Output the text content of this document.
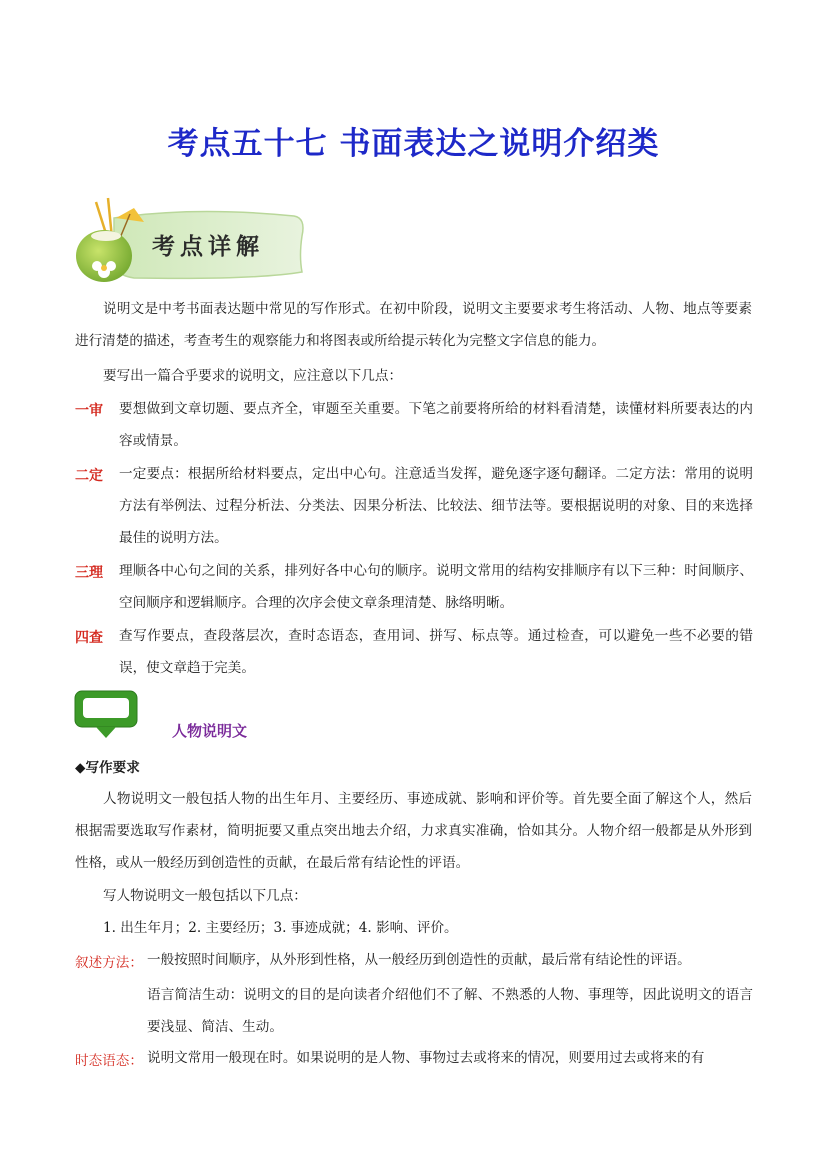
考点五十七 书面表达之说明介绍类
考点详解
说明文是中考书面表达题中常见的写作形式。在初中阶段，说明文主要要求考生将活动、人物、地点等要素进行清楚的描述，考查考生的观察能力和将图表或所给提示转化为完整文字信息的能力。
要写出一篇合乎要求的说明文，应注意以下几点：
一审 要想做到文章切题、要点齐全，审题至关重要。下笔之前要将所给的材料看清楚，读懂材料所要表达的内容或情景。
二定 一定要点：根据所给材料要点，定出中心句。注意适当发挥，避免逐字逐句翻译。二定方法：常用的说明方法有举例法、过程分析法、分类法、因果分析法、比较法、细节法等。要根据说明的对象、目的来选择最佳的说明方法。
三理 理顺各中心句之间的关系，排列好各中心句的顺序。说明文常用的结构安排顺序有以下三种：时间顺序、空间顺序和逻辑顺序。合理的次序会使文章条理清楚、脉络明晰。
四查 查写作要点，查段落层次，查时态语态，查用词、拼写、标点等。通过检查，可以避免一些不必要的错误，使文章趋于完美。
人物说明文
◆写作要求
人物说明文一般包括人物的出生年月、主要经历、事迹成就、影响和评价等。首先要全面了解这个人，然后根据需要选取写作素材，简明扼要又重点突出地去介绍，力求真实准确，恰如其分。人物介绍一般都是从外形到性格，或从一般经历到创造性的贡献，在最后常有结论性的评语。
写人物说明文一般包括以下几点：
1. 出生年月；2. 主要经历；3. 事迹成就；4. 影响、评价。
叙述方法： 一般按照时间顺序，从外形到性格，从一般经历到创造性的贡献，最后常有结论性的评语。
语言简洁生动：说明文的目的是向读者介绍他们不了解、不熟悉的人物、事理等，因此说明文的语言要浅显、简洁、生动。
时态语态： 说明文常用一般现在时。如果说明的是人物、事物过去或将来的情况，则要用过去或将来的有
